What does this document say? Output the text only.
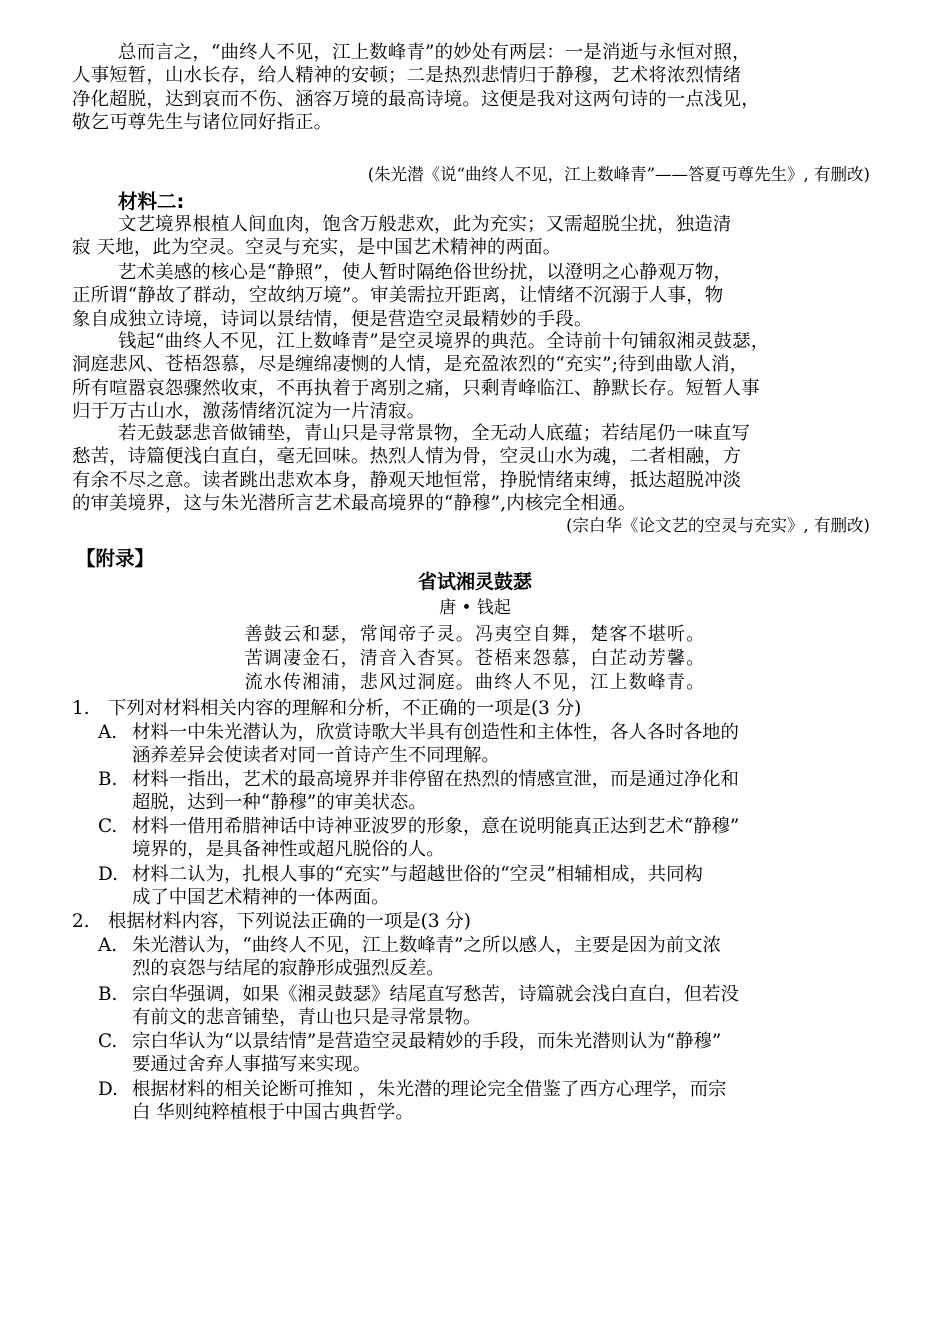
总而言之，“曲终人不见，江上数峰青”的妙处有两层：一是消逝与永恒对照，
人事短暂，山水长存，给人精神的安顿；二是热烈悲情归于静穆，艺术将浓烈情绪
净化超脱，达到哀而不伤、涵容万境的最高诗境。这便是我对这两句诗的一点浅见，
敬乞丏尊先生与诸位同好指正。
(朱光潜《说“曲终人不见，江上数峰青”——答夏丏尊先生》, 有删改)
材料二:
文艺境界根植人间血肉，饱含万般悲欢，此为充实；又需超脱尘扰，独造清
寂 天地，此为空灵。空灵与充实，是中国艺术精神的两面。
艺术美感的核心是“静照”，使人暂时隔绝俗世纷扰，以澄明之心静观万物，
正所谓“静故了群动，空故纳万境”。审美需拉开距离，让情绪不沉溺于人事，物
象自成独立诗境，诗词以景结情，便是营造空灵最精妙的手段。
钱起“曲终人不见，江上数峰青”是空灵境界的典范。全诗前十句铺叙湘灵鼓瑟，
洞庭悲风、苍梧怨慕，尽是缠绵凄恻的人情，是充盈浓烈的“充实”;待到曲歇人消，
所有喧嚣哀怨骤然收束，不再执着于离别之痛，只剩青峰临江、静默长存。短暂人事
归于万古山水，激荡情绪沉淀为一片清寂。
若无鼓瑟悲音做铺垫，青山只是寻常景物，全无动人底蕴；若结尾仍一味直写
愁苦，诗篇便浅白直白，毫无回味。热烈人情为骨，空灵山水为魂，二者相融，方
有余不尽之意。读者跳出悲欢本身，静观天地恒常，挣脱情绪束缚，抵达超脱冲淡
的审美境界，这与朱光潜所言艺术最高境界的“静穆”,内核完全相通。
(宗白华《论文艺的空灵与充实》, 有删改)
【附录】
省试湘灵鼓瑟
唐 • 钱起
善鼓云和瑟，常闻帝子灵。冯夷空自舞，楚客不堪听。
苦调凄金石，清音入杳冥。苍梧来怨慕，白芷动芳馨。
流水传湘浦，悲风过洞庭。曲终人不见，江上数峰青。
1. 下列对材料相关内容的理解和分析，不正确的一项是(3 分)
A. 材料一中朱光潜认为，欣赏诗歌大半具有创造性和主体性，各人各时各地的
涵养差异会使读者对同一首诗产生不同理解。
B. 材料一指出，艺术的最高境界并非停留在热烈的情感宣泄，而是通过净化和
超脱，达到一种“静穆”的审美状态。
C. 材料一借用希腊神话中诗神亚波罗的形象，意在说明能真正达到艺术“静穆”
境界的，是具备神性或超凡脱俗的人。
D. 材料二认为，扎根人事的“充实”与超越世俗的“空灵”相辅相成，共同构
成了中国艺术精神的一体两面。
2. 根据材料内容，下列说法正确的一项是(3 分)
A. 朱光潜认为，“曲终人不见，江上数峰青”之所以感人，主要是因为前文浓
烈的哀怨与结尾的寂静形成强烈反差。
B. 宗白华强调，如果《湘灵鼓瑟》结尾直写愁苦，诗篇就会浅白直白，但若没
有前文的悲音铺垫，青山也只是寻常景物。
C. 宗白华认为“以景结情”是营造空灵最精妙的手段，而朱光潜则认为“静穆”
要通过舍弃人事描写来实现。
D. 根据材料的相关论断可推知 ，朱光潜的理论完全借鉴了西方心理学，而宗
白 华则纯粹植根于中国古典哲学。
